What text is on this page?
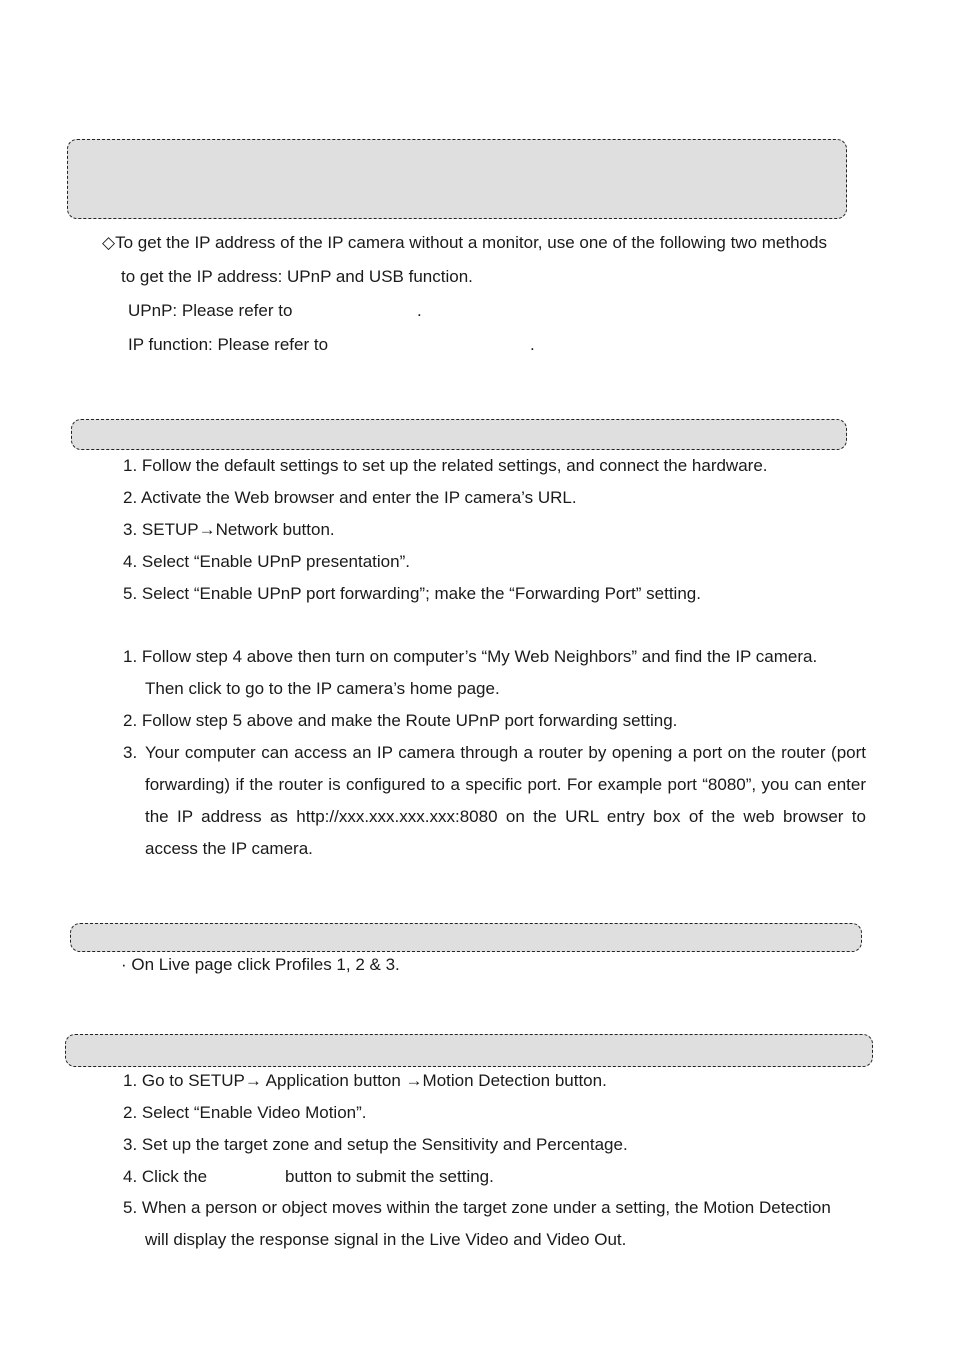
◇To get the IP address of the IP camera without a monitor, use one of the following two methods
to get the IP address: UPnP and USB function.
UPnP: Please refer to	.
IP function: Please refer to	.
1. Follow the default settings to set up the related settings, and connect the hardware.
2. Activate the Web browser and enter the IP camera’s URL.
3. SETUP→Network button.
4. Select “Enable UPnP presentation”.
5. Select “Enable UPnP port forwarding”; make the “Forwarding Port” setting.
1. Follow step 4 above then turn on computer’s “My Web Neighbors” and find the IP camera.
Then click to go to the IP camera’s home page.
2. Follow step 5 above and make the Route UPnP port forwarding setting.
3. Your computer can access an IP camera through a router by opening a port on the router (port forwarding) if the router is configured to a specific port. For example port “8080”, you can enter the IP address as http://xxx.xxx.xxx.xxx:8080 on the URL entry box of the web browser to access the IP camera.
· On Live page click Profiles 1, 2 & 3.
1. Go to SETUP→ Application button →Motion Detection button.
2. Select “Enable Video Motion”.
3. Set up the target zone and setup the Sensitivity and Percentage.
4. Click the	button to submit the setting.
5. When a person or object moves within the target zone under a setting, the Motion Detection
will display the response signal in the Live Video and Video Out.
